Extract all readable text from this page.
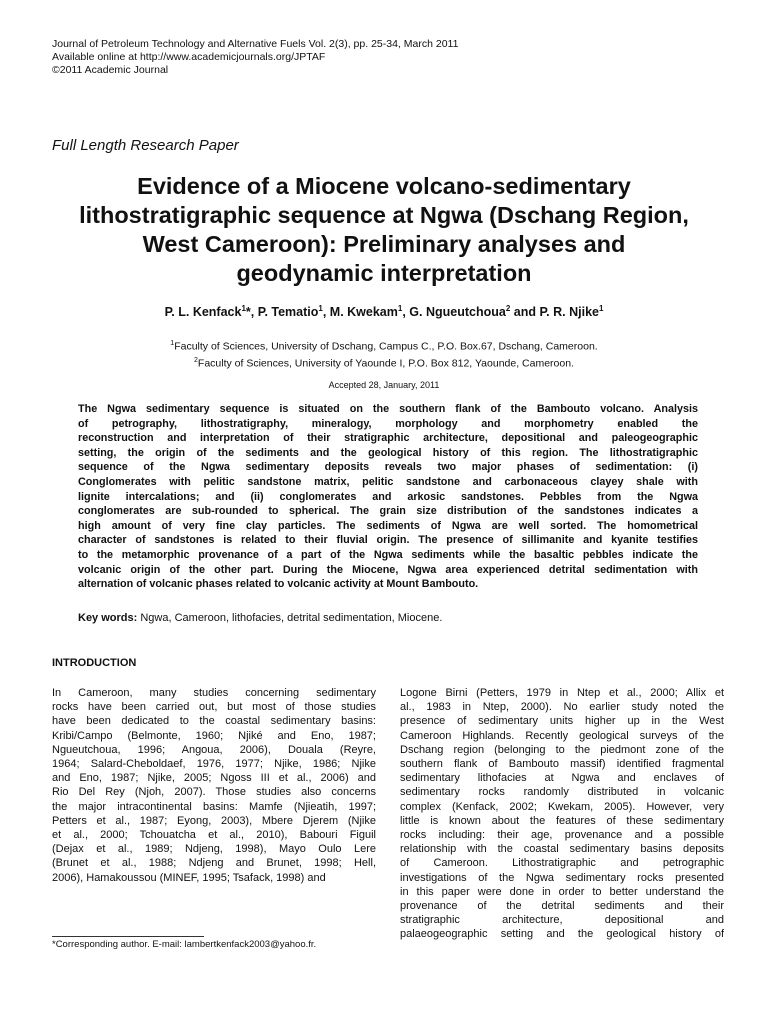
Journal of Petroleum Technology and Alternative Fuels Vol. 2(3), pp. 25-34, March 2011
Available online at http://www.academicjournals.org/JPTAF
©2011 Academic Journal
Full Length Research Paper
Evidence of a Miocene volcano-sedimentary
lithostratigraphic sequence at Ngwa (Dschang Region,
West Cameroon): Preliminary analyses and
geodynamic interpretation
P. L. Kenfack$^1$*, P. Tematio$^1$, M. Kwekam$^1$, G. Ngueutchoua$^2$ and P. R. Njike$^1$
$^1$Faculty of Sciences, University of Dschang, Campus C., P.O. Box.67, Dschang, Cameroon.
$^2$Faculty of Sciences, University of Yaounde I, P.O. Box 812, Yaounde, Cameroon.
Accepted 28, January, 2011
The Ngwa sedimentary sequence is situated on the southern flank of the Bambouto volcano. Analysis
of petrography, lithostratigraphy, mineralogy, morphology and morphometry enabled the
reconstruction and interpretation of their stratigraphic architecture, depositional and paleogeographic
setting, the origin of the sediments and the geological history of this region. The lithostratigraphic
sequence of the Ngwa sedimentary deposits reveals two major phases of sedimentation: (i)
Conglomerates with pelitic sandstone matrix, pelitic sandstone and carbonaceous clayey shale with
lignite intercalations; and (ii) conglomerates and arkosic sandstones. Pebbles from the Ngwa
conglomerates are sub-rounded to spherical. The grain size distribution of the sandstones indicates a
high amount of very fine clay particles. The sediments of Ngwa are well sorted. The homometrical
character of sandstones is related to their fluvial origin. The presence of sillimanite and kyanite testifies
to the metamorphic provenance of a part of the Ngwa sediments while the basaltic pebbles indicate the
volcanic origin of the other part. During the Miocene, Ngwa area experienced detrital sedimentation with
alternation of volcanic phases related to volcanic activity at Mount Bambouto.
Key words: Ngwa, Cameroon, lithofacies, detrital sedimentation, Miocene.
INTRODUCTION
In Cameroon, many studies concerning sedimentary
rocks have been carried out, but most of those studies
have been dedicated to the coastal sedimentary basins:
Kribi/Campo (Belmonte, 1960; Njiké and Eno, 1987;
Ngueutchoua, 1996; Angoua, 2006), Douala (Reyre,
1964; Salard-Cheboldaef, 1976, 1977; Njike, 1986; Njike
and Eno, 1987; Njike, 2005; Ngoss III et al., 2006) and
Rio Del Rey (Njoh, 2007). Those studies also concerns
the major intracontinental basins: Mamfe (Njieatih, 1997;
Petters et al., 1987; Eyong, 2003), Mbere Djerem (Njike
et al., 2000; Tchouatcha et al., 2010), Babouri Figuil
(Dejax et al., 1989; Ndjeng, 1998), Mayo Oulo Lere
(Brunet et al., 1988; Ndjeng and Brunet, 1998; Hell,
2006), Hamakoussou (MINEF, 1995; Tsafack, 1998) and
Logone Birni (Petters, 1979 in Ntep et al., 2000; Allix et
al., 1983 in Ntep, 2000). No earlier study noted the
presence of sedimentary units higher up in the West
Cameroon Highlands. Recently geological surveys of the
Dschang region (belonging to the piedmont zone of the
southern flank of Bambouto massif) identified fragmental
sedimentary lithofacies at Ngwa and enclaves of
sedimentary rocks randomly distributed in volcanic
complex (Kenfack, 2002; Kwekam, 2005). However, very
little is known about the features of these sedimentary
rocks including: their age, provenance and a possible
relationship with the coastal sedimentary basins deposits
of Cameroon. Lithostratigraphic and petrographic
investigations of the Ngwa sedimentary rocks presented
in this paper were done in order to better understand the
provenance of the detrital sediments and their
stratigraphic architecture, depositional and
palaeogeographic setting and the geological history of
*Corresponding author. E-mail: lambertkenfack2003@yahoo.fr.
